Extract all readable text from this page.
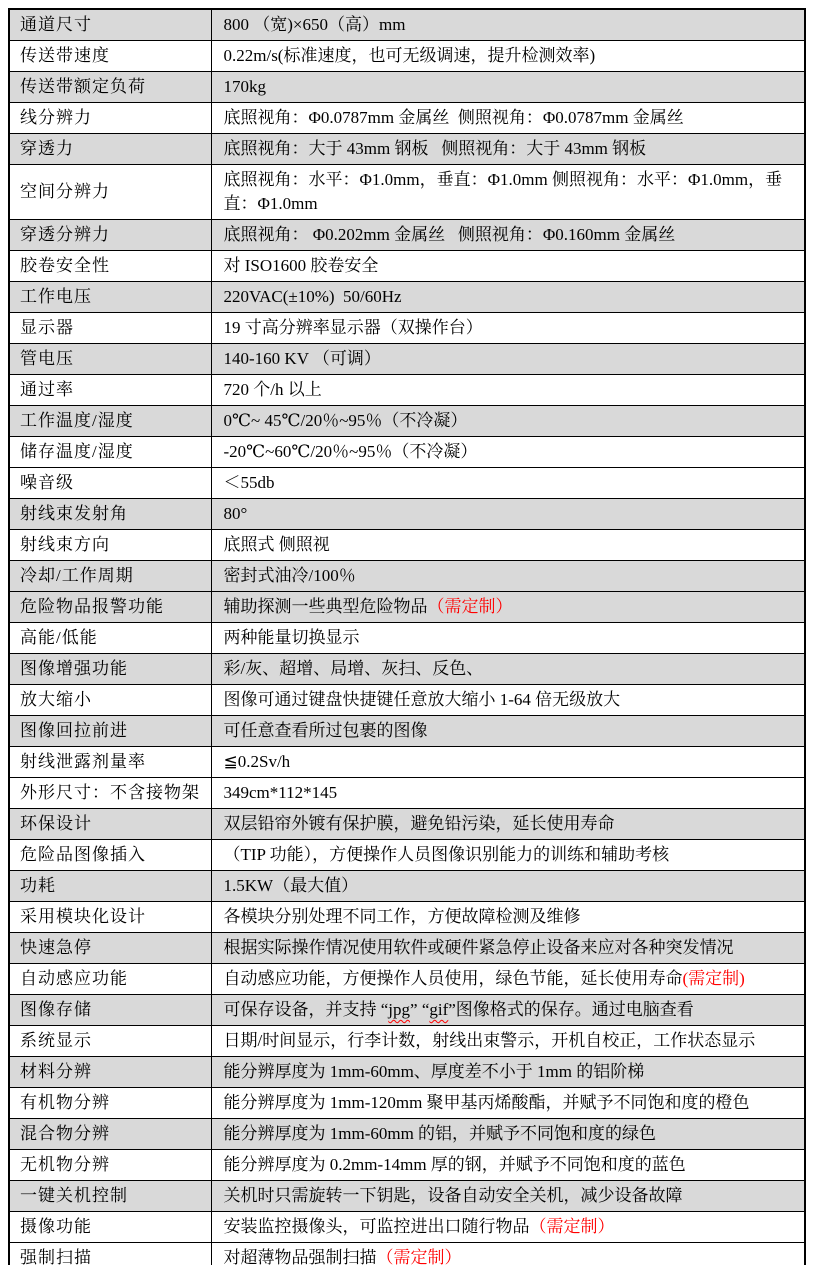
通道尺寸	800 （宽)×650（高）mm
传送带速度	0.22m/s(标准速度，也可无级调速，提升检测效率)
传送带额定负荷	170kg
线分辨力	底照视角：Φ0.0787mm 金属丝  侧照视角：Φ0.0787mm 金属丝
穿透力	底照视角：大于 43mm 钢板   侧照视角：大于 43mm 钢板
空间分辨力	底照视角：水平：Φ1.0mm，垂直：Φ1.0mm 侧照视角：水平：Φ1.0mm，垂直：Φ1.0mm
穿透分辨力	底照视角： Φ0.202mm 金属丝   侧照视角：Φ0.160mm 金属丝
胶卷安全性	对 ISO1600 胶卷安全
工作电压	220VAC(±10%)  50/60Hz
显示器	19 寸高分辨率显示器（双操作台）
管电压	140-160 KV （可调）
通过率	720 个/h 以上
工作温度/湿度	0℃~ 45℃/20％~95％（不冷凝）
储存温度/湿度	-20℃~60℃/20％~95％（不冷凝）
噪音级	＜55db
射线束发射角	80°
射线束方向	底照式 侧照视
冷却/工作周期	密封式油冷/100％
危险物品报警功能	辅助探测一些典型危险物品（需定制）
高能/低能	两种能量切换显示
图像增强功能	彩/灰、超增、局增、灰扫、反色、
放大缩小	图像可通过键盘快捷键任意放大缩小 1-64 倍无级放大
图像回拉前进	可任意查看所过包裹的图像
射线泄露剂量率	≦0.2Sv/h
外形尺寸：不含接物架	349cm*112*145
环保设计	双层铅帘外镀有保护膜，避免铅污染，延长使用寿命
危险品图像插入	（TIP 功能），方便操作人员图像识别能力的训练和辅助考核
功耗	1.5KW（最大值）
采用模块化设计	各模块分别处理不同工作，方便故障检测及维修
快速急停	根据实际操作情况使用软件或硬件紧急停止设备来应对各种突发情况
自动感应功能	自动感应功能，方便操作人员使用，绿色节能，延长使用寿命(需定制)
图像存储	可保存设备，并支持 “jpg” “gif”图像格式的保存。通过电脑查看
系统显示	日期/时间显示，行李计数，射线出束警示，开机自校正，工作状态显示
材料分辨	能分辨厚度为 1mm-60mm、厚度差不小于 1mm 的铝阶梯
有机物分辨	能分辨厚度为 1mm-120mm 聚甲基丙烯酸酯，并赋予不同饱和度的橙色
混合物分辨	能分辨厚度为 1mm-60mm 的铝，并赋予不同饱和度的绿色
无机物分辨	能分辨厚度为 0.2mm-14mm 厚的钢，并赋予不同饱和度的蓝色
一键关机控制	关机时只需旋转一下钥匙，设备自动安全关机，减少设备故障
摄像功能	安装监控摄像头，可监控进出口随行物品（需定制）
强制扫描	对超薄物品强制扫描（需定制）
